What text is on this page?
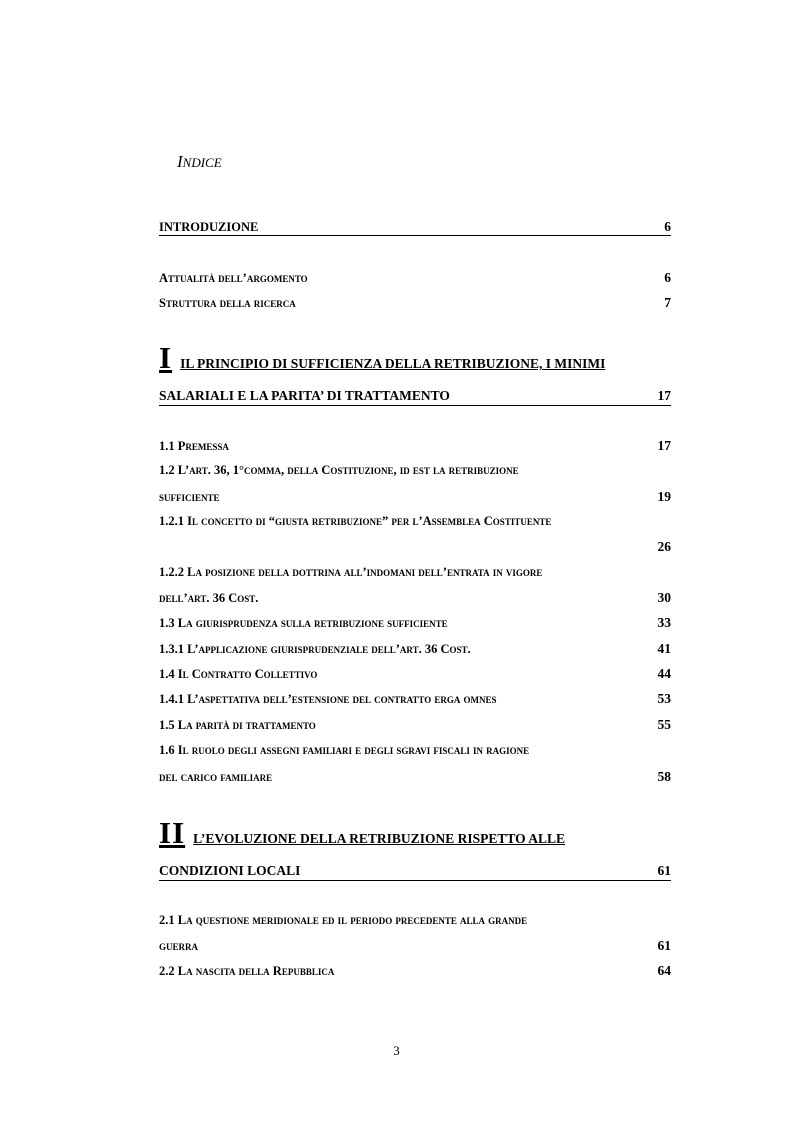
INDICE
INTRODUZIONE	6
Attualità dell’argomento	6
Struttura della ricerca	7
IIL PRINCIPIO DI SUFFICIENZA DELLA RETRIBUZIONE, I MINIMI
SALARIALI E LA PARITA’ DI TRATTAMENTO	17
1.1 Premessa	17
1.2 L’art. 36, 1°comma, della Costituzione, id est la retribuzione
sufficiente	19
1.2.1 Il concetto di “giusta retribuzione” per l’Assemblea Costituente
26
1.2.2 La posizione della dottrina all’indomani dell’entrata in vigore
dell’art. 36 Cost.	30
1.3 La giurisprudenza sulla retribuzione sufficiente	33
1.3.1 L’applicazione giurisprudenziale dell’art. 36 Cost.	41
1.4 Il Contratto Collettivo	44
1.4.1 L’aspettativa dell’estensione del contratto erga omnes	53
1.5 La parità di trattamento	55
1.6 Il ruolo degli assegni familiari e degli sgravi fiscali in ragione
del carico familiare	58
II L’EVOLUZIONE DELLA RETRIBUZIONE RISPETTO ALLE
CONDIZIONI LOCALI	61
2.1 La questione meridionale ed il periodo precedente alla grande
guerra	61
2.2 La nascita della Repubblica	64
3
